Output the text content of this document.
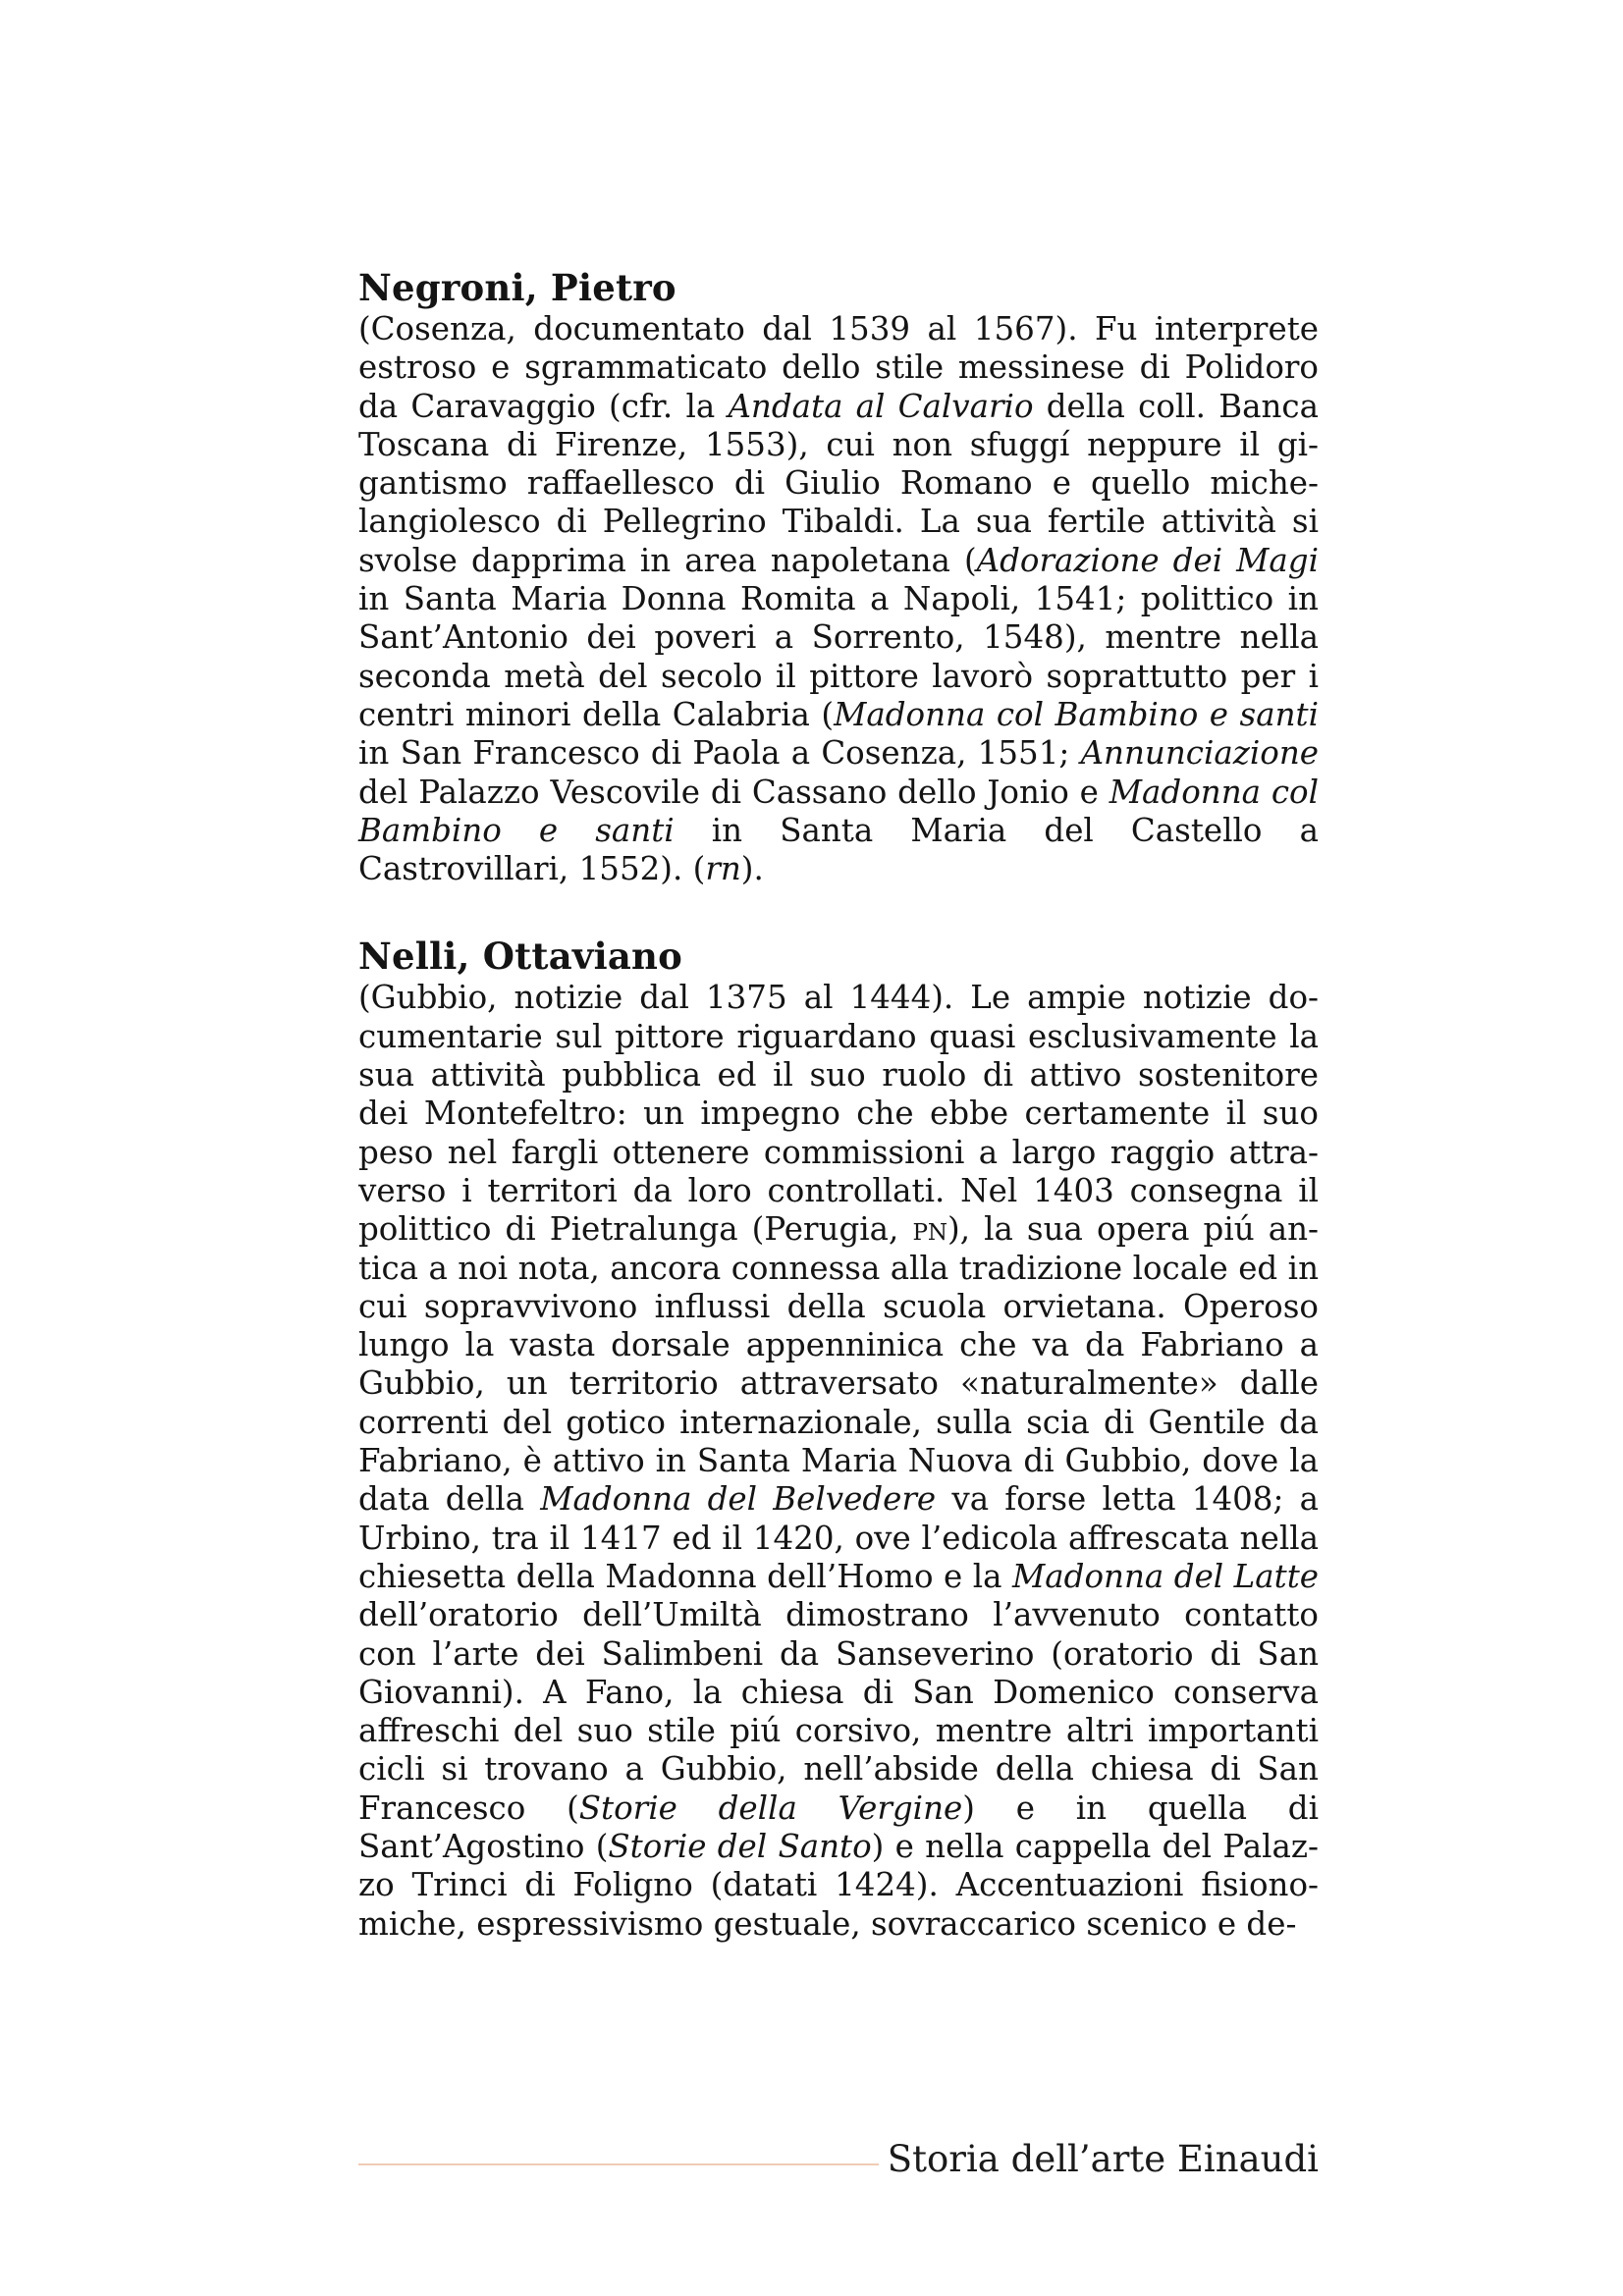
Negroni, Pietro

(Cosenza, documentato dal 1539 al 1567). Fu interprete estroso e sgrammaticato dello stile messinese di Polidoro da Caravaggio (cfr. la Andata al Calvario della coll. Banca Toscana di Firenze, 1553), cui non sfuggí neppure il gigantismo raffaellesco di Giulio Romano e quello michelangiolesco di Pellegrino Tibaldi. La sua fertile attività si svolse dapprima in area napoletana (Adorazione dei Magi in Santa Maria Donna Romita a Napoli, 1541; polittico in Sant’Antonio dei poveri a Sorrento, 1548), mentre nella seconda metà del secolo il pittore lavorò soprattutto per i centri minori della Calabria (Madonna col Bambino e santi in San Francesco di Paola a Cosenza, 1551; Annunciazione del Palazzo Vescovile di Cassano dello Jonio e Madonna col Bambino e santi in Santa Maria del Castello a Castrovillari, 1552). (rn).

Nelli, Ottaviano

(Gubbio, notizie dal 1375 al 1444). Le ampie notizie documentarie sul pittore riguardano quasi esclusivamente la sua attività pubblica ed il suo ruolo di attivo sostenitore dei Montefeltro: un impegno che ebbe certamente il suo peso nel fargli ottenere commissioni a largo raggio attraverso i territori da loro controllati. Nel 1403 consegna il polittico di Pietralunga (Perugia, pn), la sua opera piú antica a noi nota, ancora connessa alla tradizione locale ed in cui sopravvivono influssi della scuola orvietana. Operoso lungo la vasta dorsale appenninica che va da Fabriano a Gubbio, un territorio attraversato «naturalmente» dalle correnti del gotico internazionale, sulla scia di Gentile da Fabriano, è attivo in Santa Maria Nuova di Gubbio, dove la data della Madonna del Belvedere va forse letta 1408; a Urbino, tra il 1417 ed il 1420, ove l’edicola affrescata nella chiesetta della Madonna dell’Homo e la Madonna del Latte dell’oratorio dell’Umiltà dimostrano l’avvenuto contatto con l’arte dei Salimbeni da Sanseverino (oratorio di San Giovanni). A Fano, la chiesa di San Domenico conserva affreschi del suo stile piú corsivo, mentre altri importanti cicli si trovano a Gubbio, nell’abside della chiesa di San Francesco (Storie della Vergine) e in quella di Sant’Agostino (Storie del Santo) e nella cappella del Palazzo Trinci di Foligno (datati 1424). Accentuazioni fisionomiche, espressivismo gestuale, sovraccarico scenico e de-

Storia dell’arte Einaudi
